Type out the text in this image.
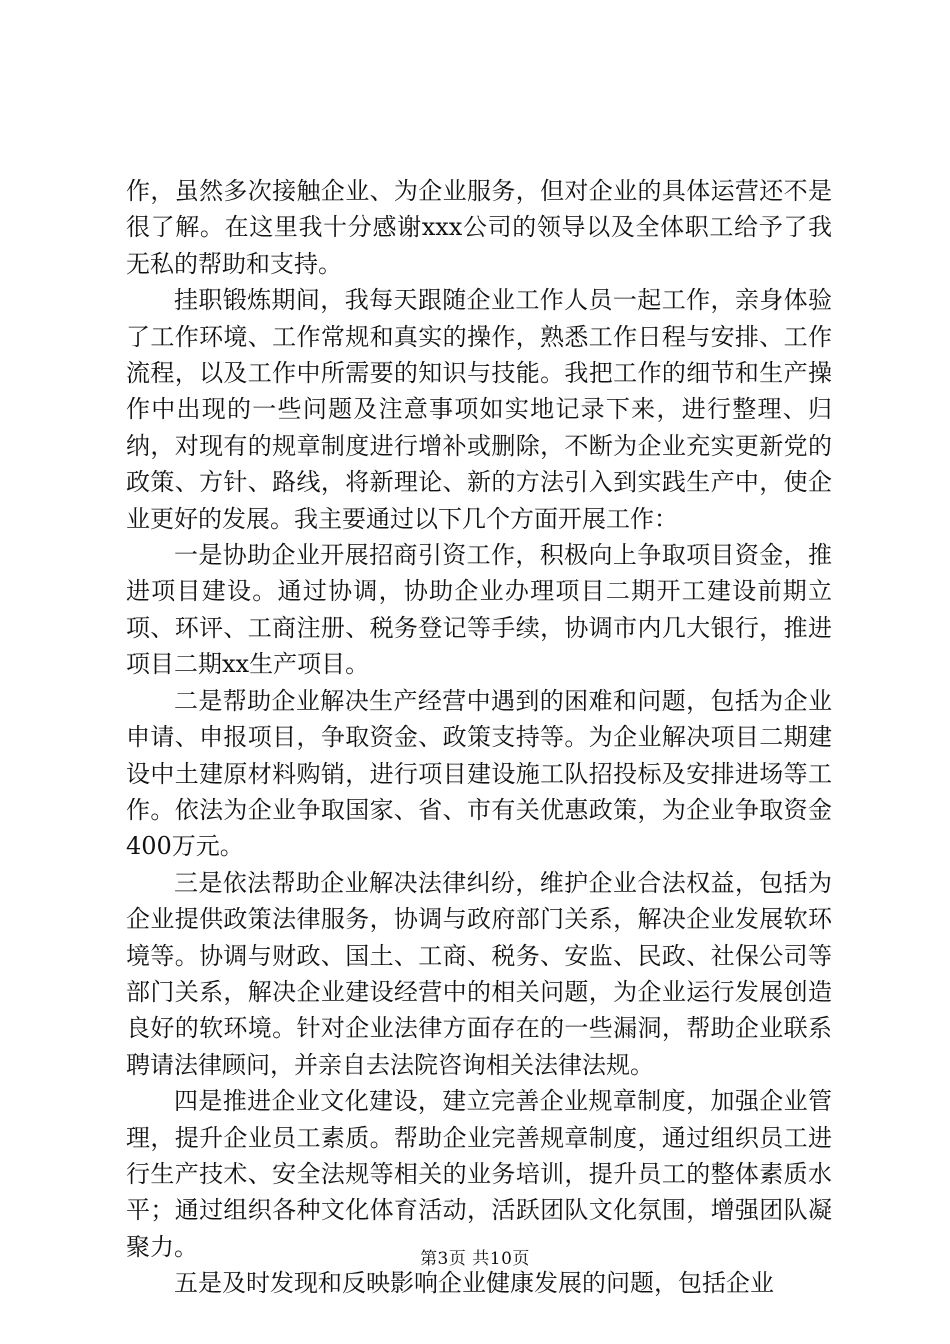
作，虽然多次接触企业、为企业服务，但对企业的具体运营还不是很了解。在这里我十分感谢xxx公司的领导以及全体职工给予了我无私的帮助和支持。

挂职锻炼期间，我每天跟随企业工作人员一起工作，亲身体验了工作环境、工作常规和真实的操作，熟悉工作日程与安排、工作流程，以及工作中所需要的知识与技能。我把工作的细节和生产操作中出现的一些问题及注意事项如实地记录下来，进行整理、归纳，对现有的规章制度进行增补或删除，不断为企业充实更新党的政策、方针、路线，将新理论、新的方法引入到实践生产中，使企业更好的发展。我主要通过以下几个方面开展工作：

一是协助企业开展招商引资工作，积极向上争取项目资金，推进项目建设。通过协调，协助企业办理项目二期开工建设前期立项、环评、工商注册、税务登记等手续，协调市内几大银行，推进项目二期xx生产项目。

二是帮助企业解决生产经营中遇到的困难和问题，包括为企业申请、申报项目，争取资金、政策支持等。为企业解决项目二期建设中土建原材料购销，进行项目建设施工队招投标及安排进场等工作。依法为企业争取国家、省、市有关优惠政策，为企业争取资金400万元。

三是依法帮助企业解决法律纠纷，维护企业合法权益，包括为企业提供政策法律服务，协调与政府部门关系，解决企业发展软环境等。协调与财政、国土、工商、税务、安监、民政、社保公司等部门关系，解决企业建设经营中的相关问题，为企业运行发展创造良好的软环境。针对企业法律方面存在的一些漏洞，帮助企业联系聘请法律顾问，并亲自去法院咨询相关法律法规。

四是推进企业文化建设，建立完善企业规章制度，加强企业管理，提升企业员工素质。帮助企业完善规章制度，通过组织员工进行生产技术、安全法规等相关的业务培训，提升员工的整体素质水平；通过组织各种文化体育活动，活跃团队文化氛围，增强团队凝聚力。

五是及时发现和反映影响企业健康发展的问题，包括企业

第3页 共10页
